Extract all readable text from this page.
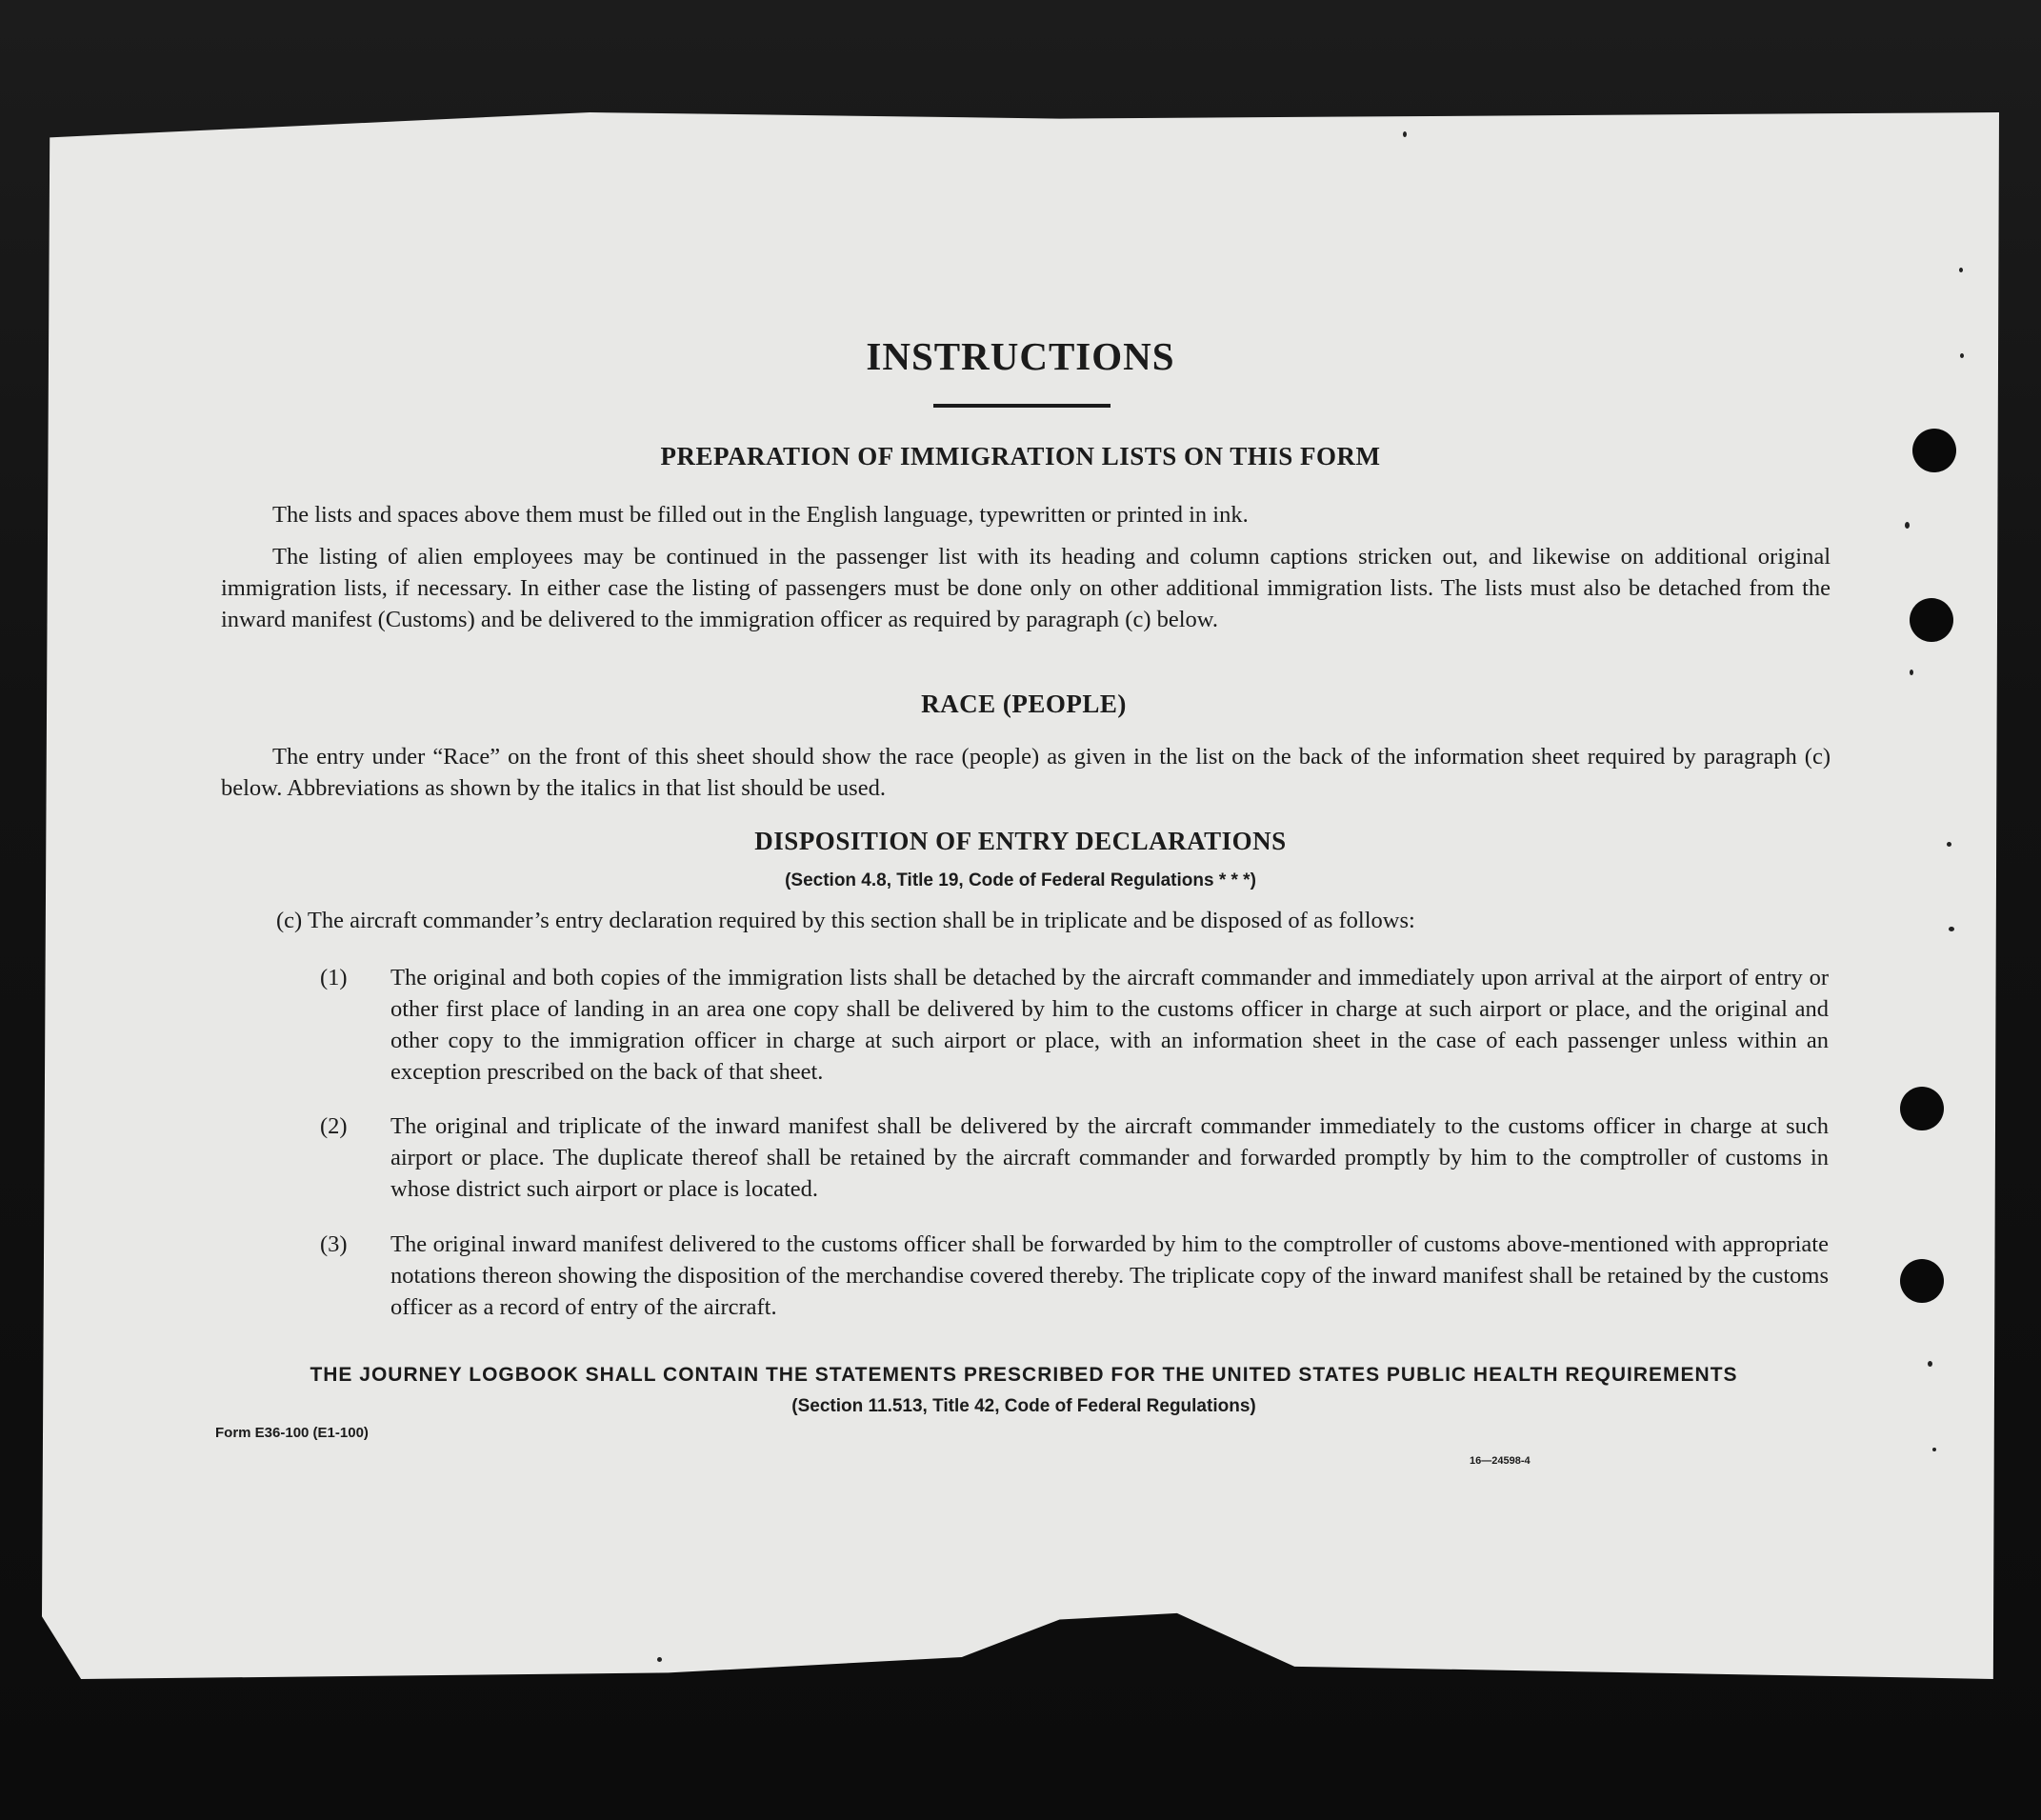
INSTRUCTIONS
PREPARATION OF IMMIGRATION LISTS ON THIS FORM

The lists and spaces above them must be filled out in the English language, typewritten or printed in ink.

The listing of alien employees may be continued in the passenger list with its heading and column captions stricken out, and likewise on additional original immigration lists, if necessary. In either case the listing of passengers must be done only on other additional immigration lists. The lists must also be detached from the inward manifest (Customs) and be delivered to the immigration officer as required by paragraph (c) below.

RACE (PEOPLE)

The entry under “Race” on the front of this sheet should show the race (people) as given in the list on the back of the information sheet required by paragraph (c) below. Abbreviations as shown by the italics in that list should be used.

DISPOSITION OF ENTRY DECLARATIONS
(Section 4.8, Title 19, Code of Federal Regulations * * *)
(c) The aircraft commander’s entry declaration required by this section shall be in triplicate and be disposed of as follows:
(1) The original and both copies of the immigration lists shall be detached by the aircraft commander and immediately upon arrival at the airport of entry or other first place of landing in an area one copy shall be delivered by him to the customs officer in charge at such airport or place, and the original and other copy to the immigration officer in charge at such airport or place, with an information sheet in the case of each passenger unless within an exception prescribed on the back of that sheet.
(2) The original and triplicate of the inward manifest shall be delivered by the aircraft commander immediately to the customs officer in charge at such airport or place. The duplicate thereof shall be retained by the aircraft commander and forwarded promptly by him to the comptroller of customs in whose district such airport or place is located.
(3) The original inward manifest delivered to the customs officer shall be forwarded by him to the comptroller of customs above-mentioned with appropriate notations thereon showing the disposition of the merchandise covered thereby. The triplicate copy of the inward manifest shall be retained by the customs officer as a record of entry of the aircraft.
THE JOURNEY LOGBOOK SHALL CONTAIN THE STATEMENTS PRESCRIBED FOR THE UNITED STATES PUBLIC HEALTH REQUIREMENTS
(Section 11.513, Title 42, Code of Federal Regulations)
Form E36-100 (E1-100)
16—24598-4
